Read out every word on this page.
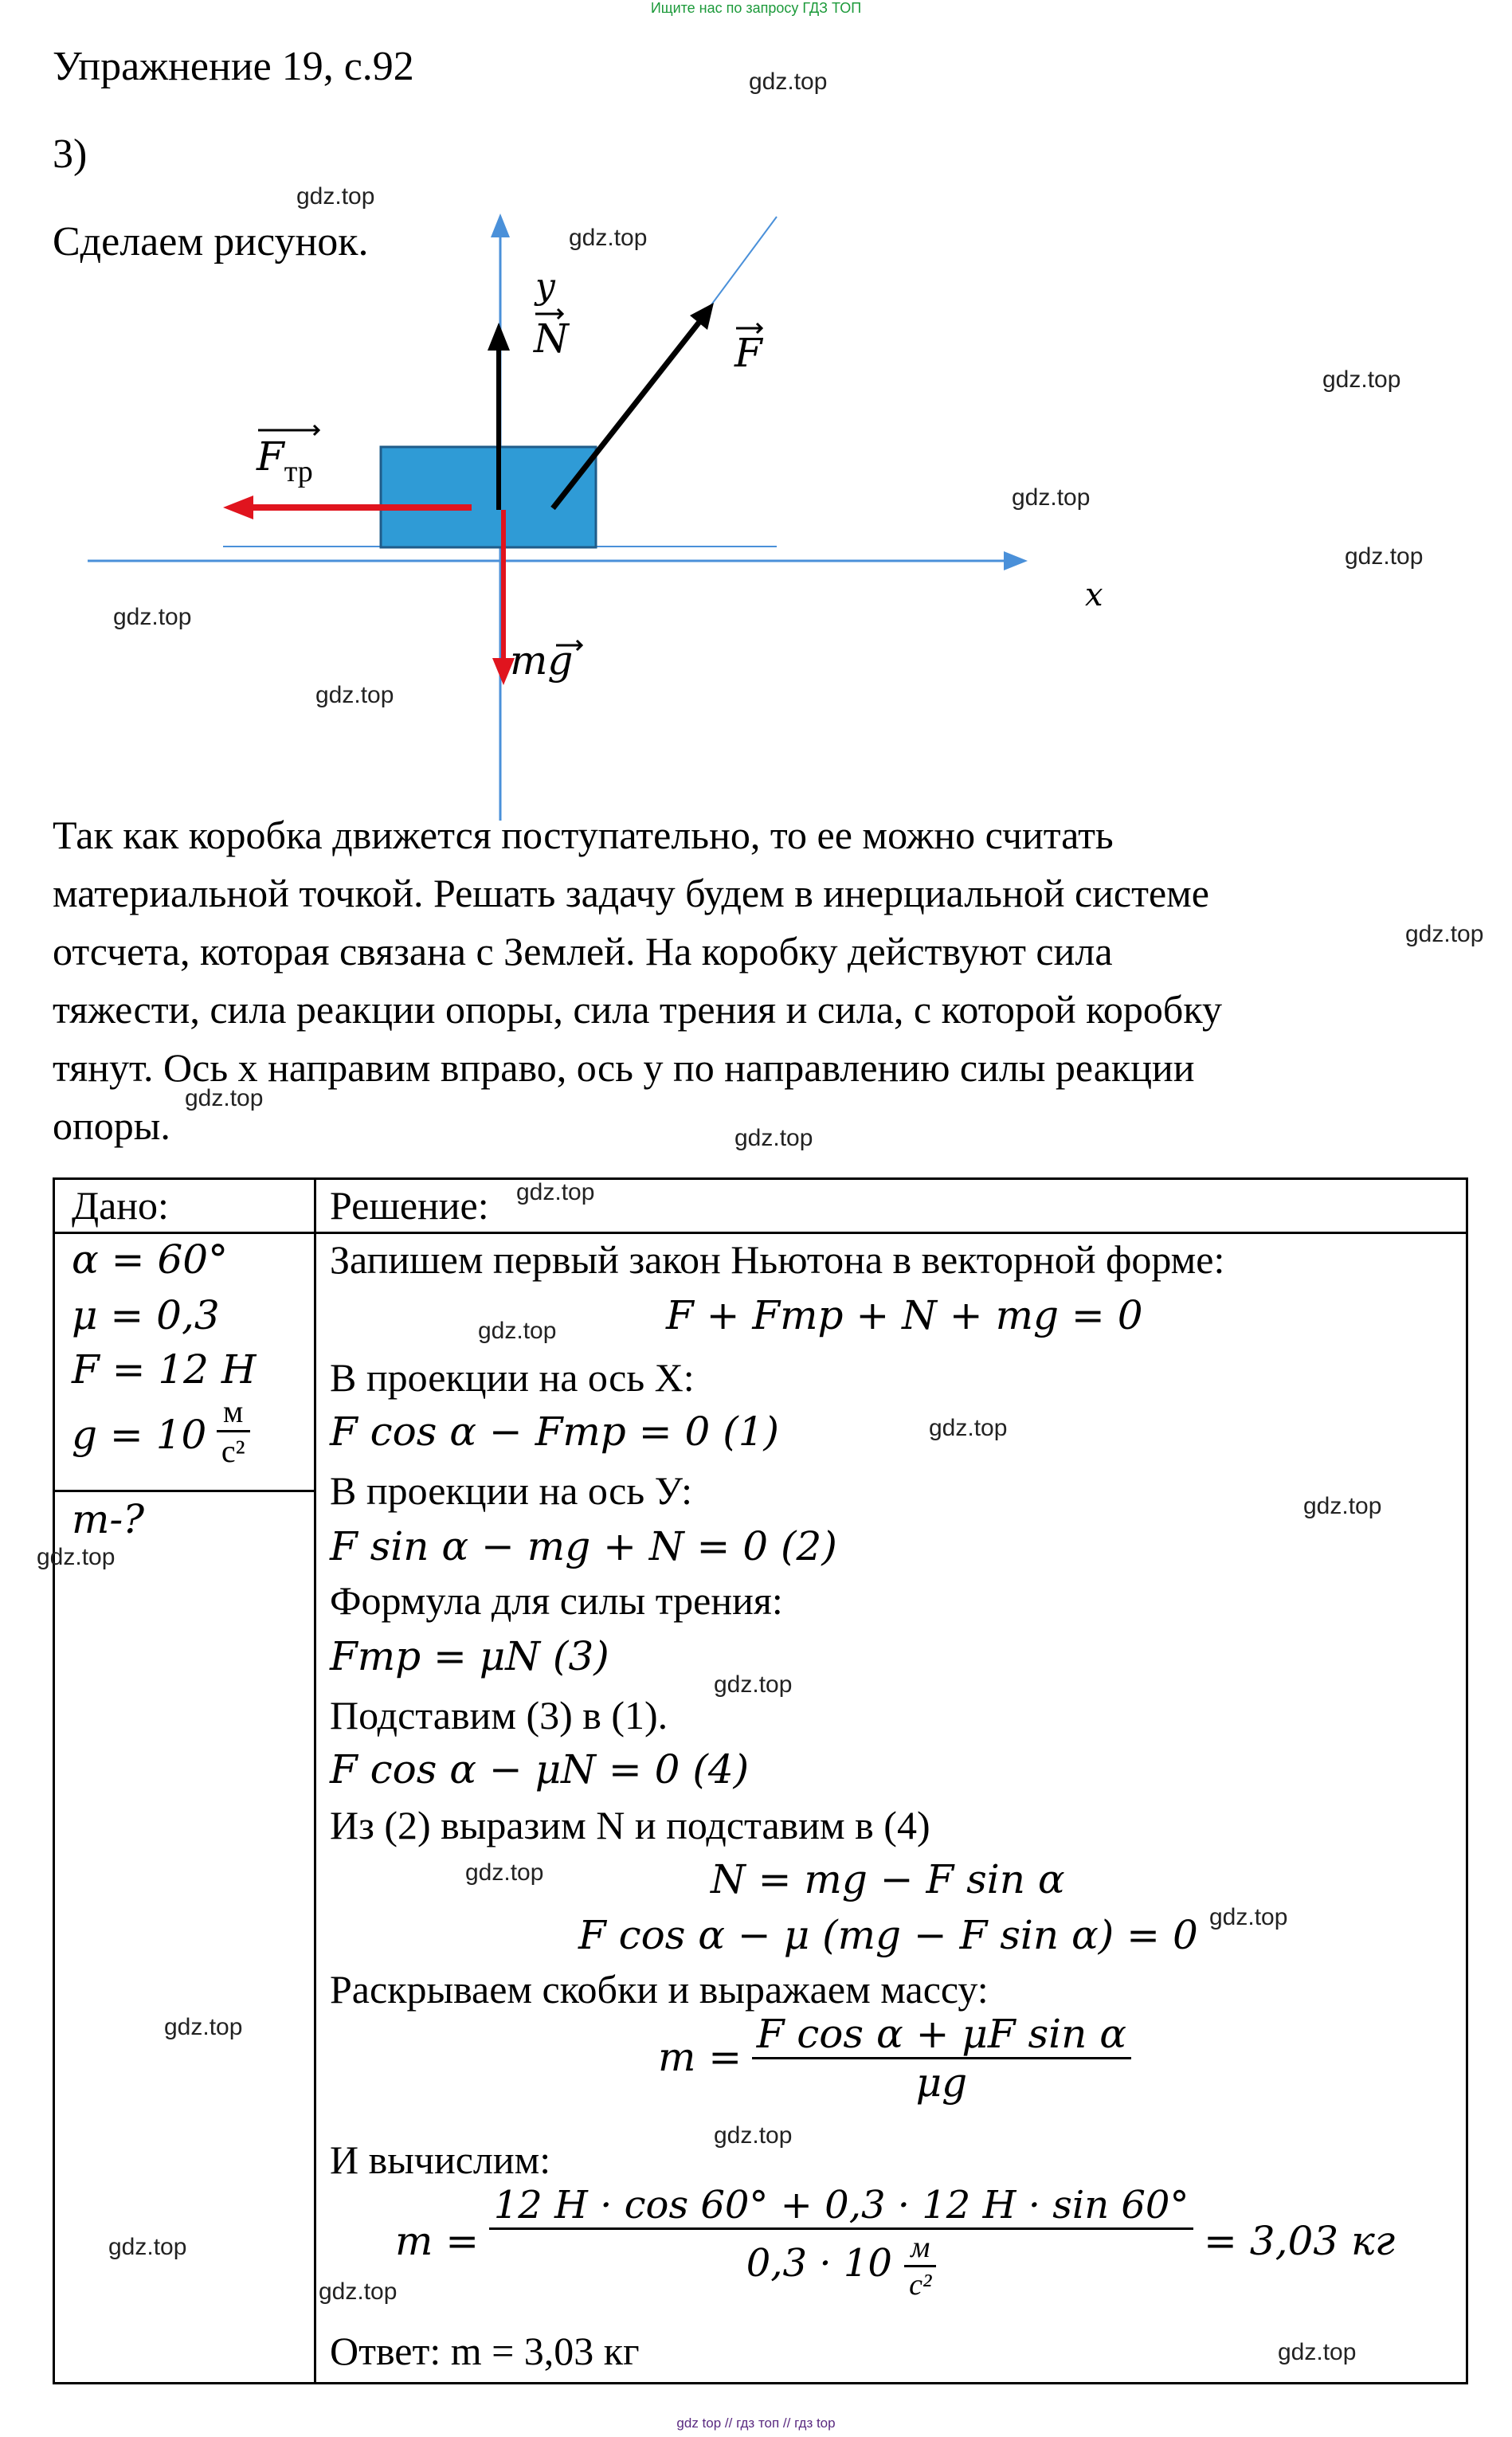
Ищите нас по запросу ГДЗ ТОП
Упражнение 19, с.92
3)
Сделаем рисунок.
y
N	F
$F_{тр}$
mg
x
Так как коробка движется поступательно, то ее можно считать
материальной точкой. Решать задачу будем в инерциальной системе
отсчета, которая связана с Землей. На коробку действуют сила
тяжести, сила реакции опоры, сила трения и сила, с которой коробку
тянут. Ось х направим вправо, ось у по направлению силы реакции
опоры.
Дано:
α = 60°
μ = 0,3
F = 12 Н
$g = 10 \frac{м}{\text{с²}}$
m-?
Решение:
Запишем первый закон Ньютона в векторной форме:
F + Fтр + N + mg = 0
В проекции на ось Х:
F cos α − Fтр = 0 (1)
В проекции на ось У:
F sin α − mg + N = 0 (2)
Формула для силы трения:
Fтр = μN (3)
Подставим (3) в (1).
F cos α − μN = 0 (4)
Из (2) выразим N и подставим в (4)
N = mg − F sin α
F cos α − μ (mg − F sin α) = 0
Раскрываем скобки и выражаем массу:
$m = \frac{\text{F cos α + μF sin α}}{\mu g}$
И вычислим:
$m = \frac{12 Н \cdot \cos 60^\circ + 0,3 \cdot 12 Н \cdot \sin 60^\circ}{0,3 \cdot 10 \frac{м}{\text{с²}}} = 3,03$ кг
Ответ: m = 3,03 кг
gdz.top
gdz.top
gdz.top
gdz.top
gdz.top
gdz.top
gdz.top
gdz.top
gdz.top
gdz.top
gdz.top
gdz.top
gdz.top
gdz.top
gdz.top
gdz.top
gdz.top
gdz.top
gdz.top
gdz.top
gdz.top
gdz.top
gdz.top
gdz.top
gdz top // гдз топ // гдз top
